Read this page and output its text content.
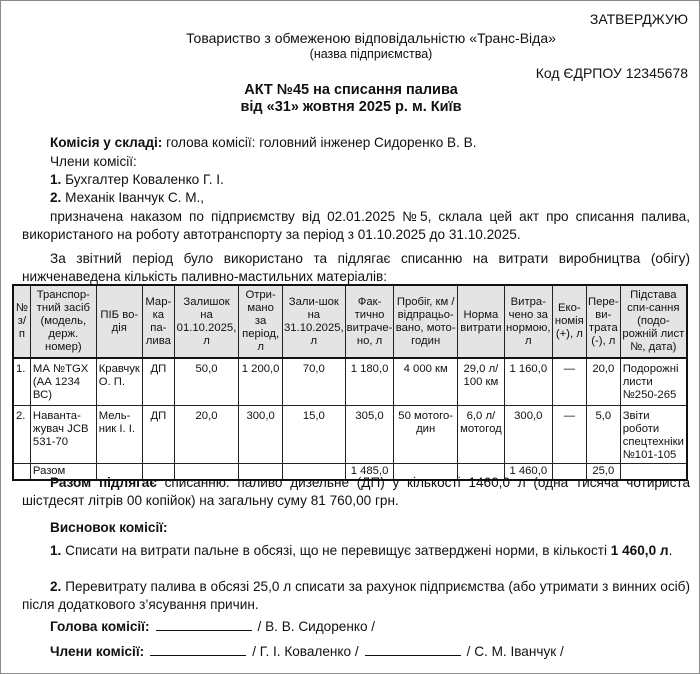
ЗАТВЕРДЖУЮ
Товариство з обмеженою відповідальністю «Транс-Віда»
(назва підприємства)
Код ЄДРПОУ 12345678
АКТ №45 на списання палива
від «31» жовтня 2025 р. м. Київ
Комісія у складі: голова комісії: головний інженер Сидоренко В. В.
Члени комісії:
1. Бухгалтер Коваленко Г. І.
2. Механік Іванчук С. М.,
призначена наказом по підприємству від 02.01.2025 №5, склала цей акт про списання палива, використаного на роботу автотранспорту за період з 01.10.2025 до 31.10.2025.
За звітний період було використано та підлягає списанню на витрати виробництва (обігу) нижченаведена кількість паливно-мастильних матеріалів:
№ з/п	Транспор-тний засіб (модель, держ. номер)	ПІБ во-дія	Мар-ка па-лива	Залишок на 01.10.2025, л	Отри-мано за період, л	Зали-шок на 31.10.2025, л	Фак-тично витраче-но, л	Пробіг, км / відпрацьо-вано, мото-годин	Норма витрати	Витра-чено за нормою, л	Еко-номія (+), л	Пере-ви-трата (-), л	Підстава спи-сання (подо-рожній лист №, дата)
1.	МА №TGX (АА 1234 ВС)	Кравчук О. П.	ДП	50,0	1 200,0	70,0	1 180,0	4 000 км	29,0 л/ 100 км	1 160,0	—	20,0	Подорожні листи №250-265
2.	Наванта-жувач JCB 531-70	Мель-ник І. І.	ДП	20,0	300,0	15,0	305,0	50 мотого-дин	6,0 л/ мотогод	300,0	—	5,0	Звіти роботи спецтехніки №101-105
	Разом						1 485,0			1 460,0		25,0	
Разом підлягає списанню: паливо дизельне (ДП) у кількості 1460,0 л (одна тисяча чотириста шістдесят літрів 00 копійок) на загальну суму 81 760,00 грн.
Висновок комісії:
1. Списати на витрати пальне в обсязі, що не перевищує затверджені норми, в кількості 1 460,0 л.
2. Перевитрату палива в обсязі 25,0 л списати за рахунок підприємства (або утримати з винних осіб) після додаткового з’ясування причин.
Голова комісії:	/ В. В. Сидоренко /
Члени комісії:	/ Г. І. Коваленко /	/ С. М. Іванчук /
